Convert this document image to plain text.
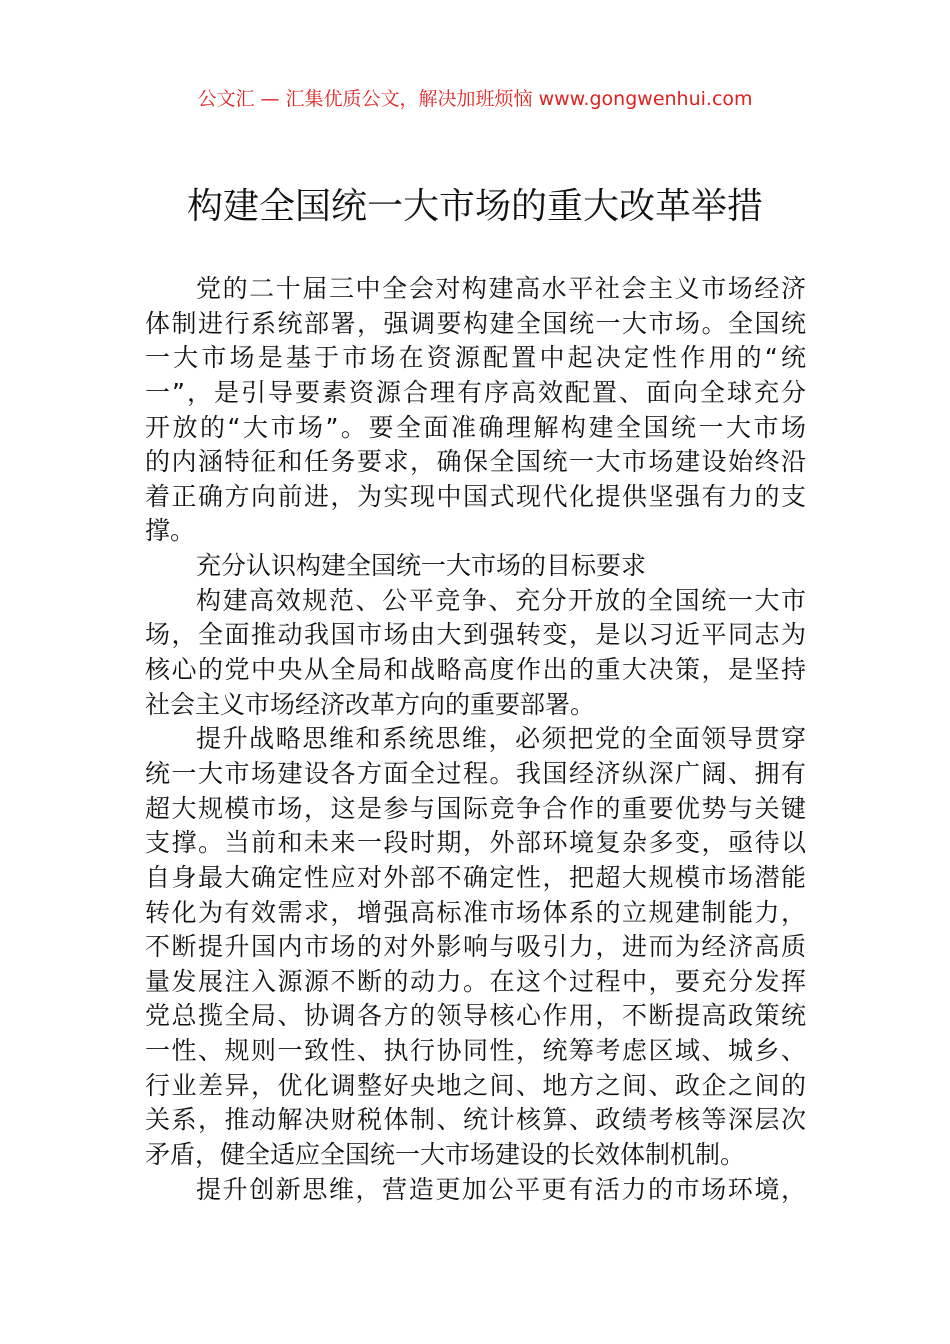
公文汇 — 汇集优质公文，解决加班烦恼 www.gongwenhui.com
构建全国统一大市场的重大改革举措
党的二十届三中全会对构建高水平社会主义市场经济
体制进行系统部署，强调要构建全国统一大市场。全国统
一大市场是基于市场在资源配置中起决定性作用的“统
一”，是引导要素资源合理有序高效配置、面向全球充分
开放的“大市场”。要全面准确理解构建全国统一大市场
的内涵特征和任务要求，确保全国统一大市场建设始终沿
着正确方向前进，为实现中国式现代化提供坚强有力的支
撑。
充分认识构建全国统一大市场的目标要求
构建高效规范、公平竞争、充分开放的全国统一大市
场，全面推动我国市场由大到强转变，是以习近平同志为
核心的党中央从全局和战略高度作出的重大决策，是坚持
社会主义市场经济改革方向的重要部署。
提升战略思维和系统思维，必须把党的全面领导贯穿
统一大市场建设各方面全过程。我国经济纵深广阔、拥有
超大规模市场，这是参与国际竞争合作的重要优势与关键
支撑。当前和未来一段时期，外部环境复杂多变，亟待以
自身最大确定性应对外部不确定性，把超大规模市场潜能
转化为有效需求，增强高标准市场体系的立规建制能力，
不断提升国内市场的对外影响与吸引力，进而为经济高质
量发展注入源源不断的动力。在这个过程中，要充分发挥
党总揽全局、协调各方的领导核心作用，不断提高政策统
一性、规则一致性、执行协同性，统筹考虑区域、城乡、
行业差异，优化调整好央地之间、地方之间、政企之间的
关系，推动解决财税体制、统计核算、政绩考核等深层次
矛盾，健全适应全国统一大市场建设的长效体制机制。
提升创新思维，营造更加公平更有活力的市场环境，
